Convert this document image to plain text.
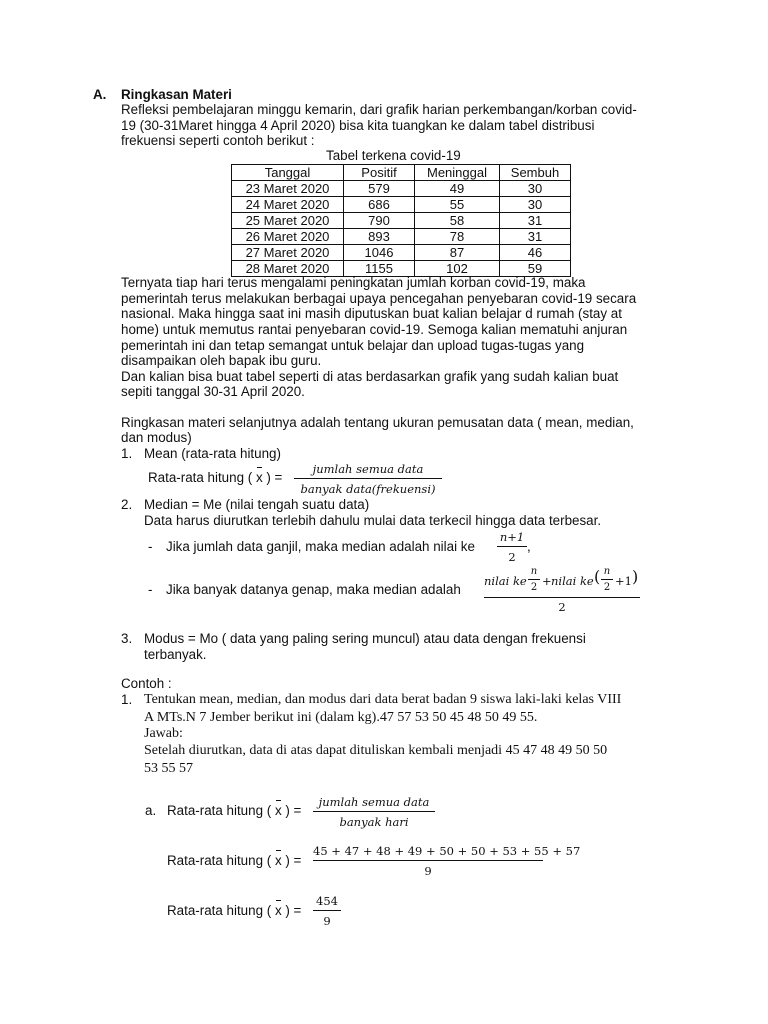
A. Ringkasan Materi
Refleksi pembelajaran minggu kemarin, dari grafik harian perkembangan/korban covid-
19 (30-31Maret hingga 4 April 2020) bisa kita tuangkan ke dalam tabel distribusi
frekuensi seperti contoh berikut :
Tabel terkena covid-19
Tanggal	Positif	Meninggal	Sembuh
23 Maret 2020	579	49	30
24 Maret 2020	686	55	30
25 Maret 2020	790	58	31
26 Maret 2020	893	78	31
27 Maret 2020	1046	87	46
28 Maret 2020	1155	102	59
Ternyata tiap hari terus mengalami peningkatan jumlah korban covid-19, maka
pemerintah terus melakukan berbagai upaya pencegahan penyebaran covid-19 secara
nasional. Maka hingga saat ini masih diputuskan buat kalian belajar d rumah (stay at
home) untuk memutus rantai penyebaran covid-19. Semoga kalian mematuhi anjuran
pemerintah ini dan tetap semangat untuk belajar dan upload tugas-tugas yang
disampaikan oleh bapak ibu guru.
Dan kalian bisa buat tabel seperti di atas berdasarkan grafik yang sudah kalian buat
sepiti tanggal 30-31 April 2020.
Ringkasan materi selanjutnya adalah tentang ukuran pemusatan data ( mean, median,
dan modus)
1. Mean (rata-rata hitung)
Rata-rata hitung ( x ) =
jumlah semua data
banyak data(frekuensi)
2. Median = Me (nilai tengah suatu data)
Data harus diurutkan terlebih dahulu mulai data terkecil hingga data terbesar.
- Jika jumlah data ganjil, maka median adalah nilai ke
n+1
2
,
- Jika banyak datanya genap, maka median adalah
nilai ke
n
2 + nilai ke ( n
2 +1 )
2
3. Modus = Mo ( data yang paling sering muncul) atau data dengan frekuensi
terbanyak.
Contoh :
1. Tentukan mean, median, dan modus dari data berat badan 9 siswa laki-laki kelas VIII
A MTs.N 7 Jember berikut ini (dalam kg).47 57 53 50 45 48 50 49 55.
Jawab:
Setelah diurutkan, data di atas dapat dituliskan kembali menjadi 45 47 48 49 50 50
53 55 57
a. Rata-rata hitung ( x ) =
jumlah semua data
banyak hari
Rata-rata hitung ( x ) =
45 + 47 + 48 + 49 + 50 + 50 + 53 + 55 + 57
9
Rata-rata hitung ( x ) =
454
9
